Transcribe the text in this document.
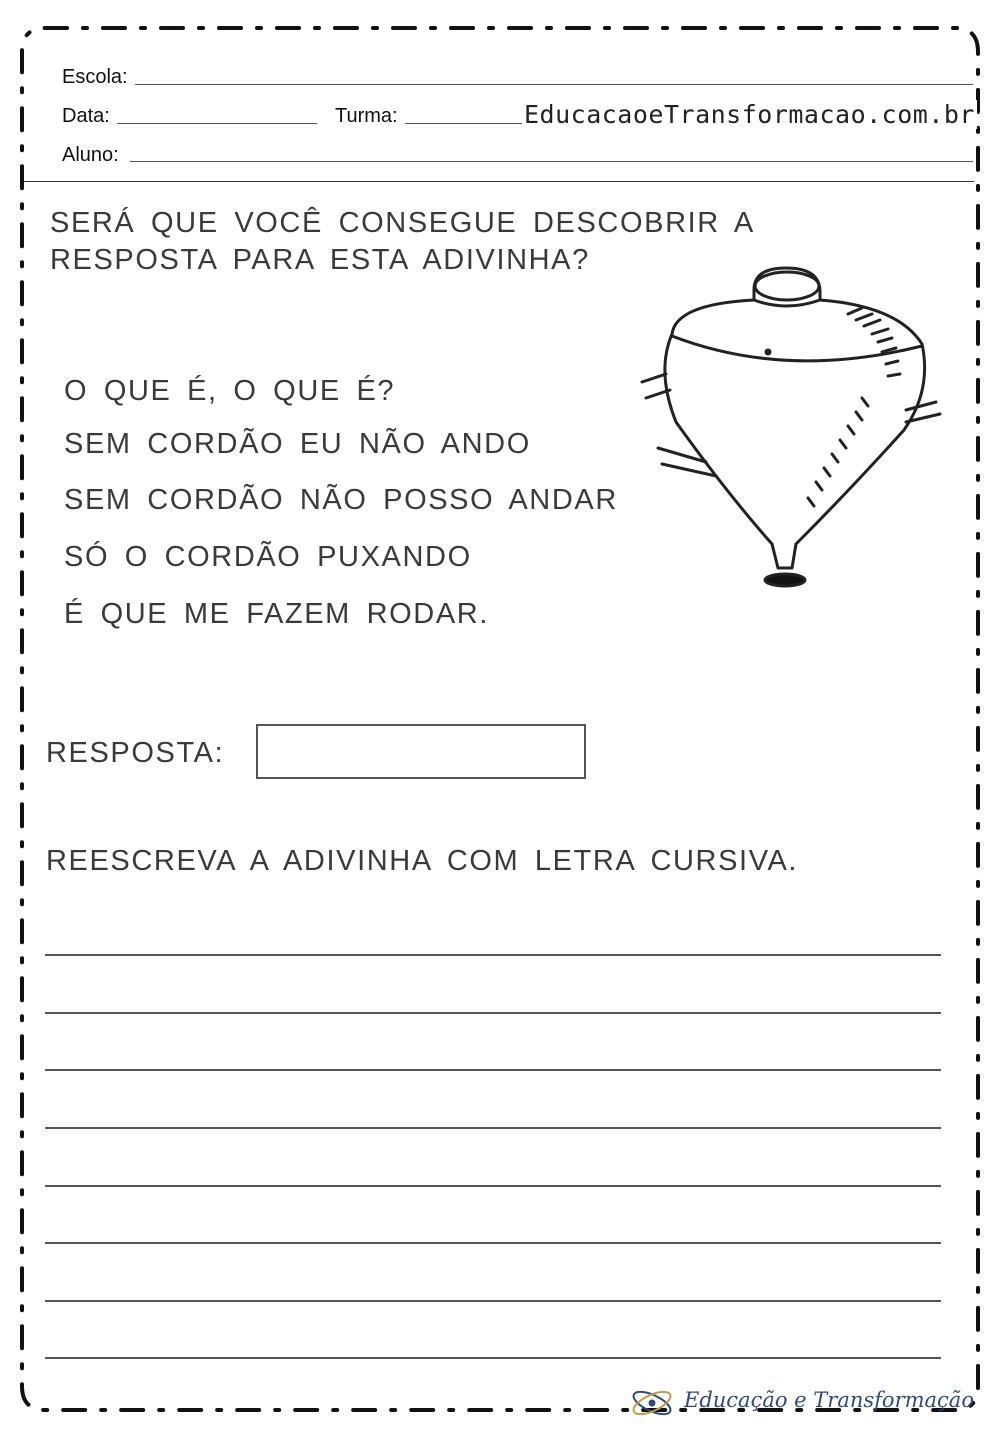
Escola:
Data:	Turma:	EducacaoeTransformacao.com.br
Aluno:
SERÁ QUE VOCÊ CONSEGUE DESCOBRIR A
RESPOSTA PARA ESTA ADIVINHA?
O QUE É, O QUE É?
SEM CORDÃO EU NÃO ANDO
SEM CORDÃO NÃO POSSO ANDAR
SÓ O CORDÃO PUXANDO
É QUE ME FAZEM RODAR.
RESPOSTA:
REESCREVA A ADIVINHA COM LETRA CURSIVA.
Educação e Transformação
